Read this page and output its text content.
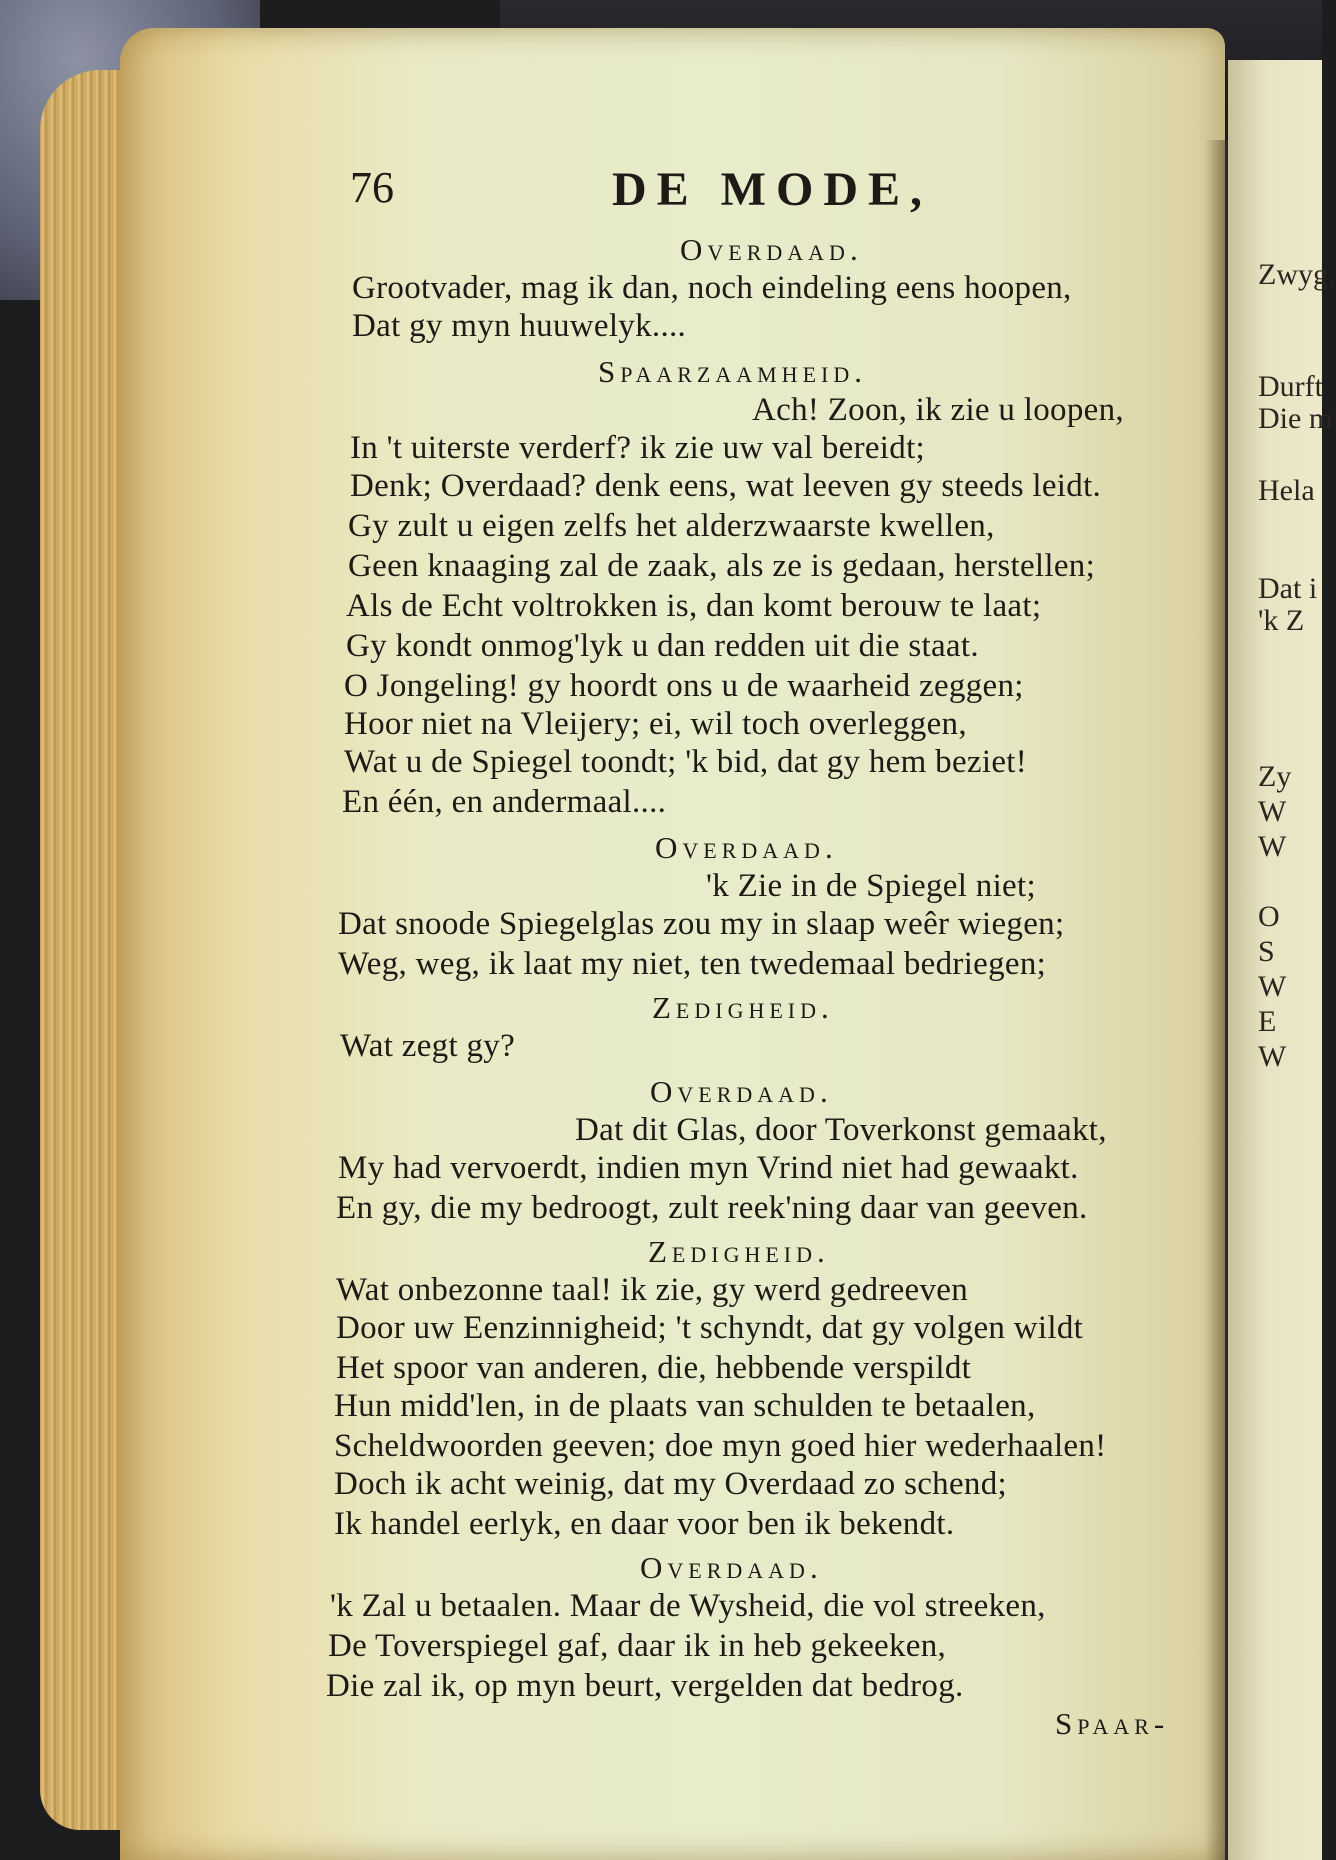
Zwyg,
Durft
Die m
Hela
Dat i
'k Z
Zy
W
W
O
S
W
E
W
76	DE MODE,
Overdaad.
Grootvader, mag ik dan, noch eindeling eens hoopen,
Dat gy myn huuwelyk....
Spaarzaamheid.
Ach! Zoon, ik zie u loopen,
In 't uiterste verderf? ik zie uw val bereidt;
Denk; Overdaad? denk eens, wat leeven gy steeds leidt.
Gy zult u eigen zelfs het alderzwaarste kwellen,
Geen knaaging zal de zaak, als ze is gedaan, herstellen;
Als de Echt voltrokken is, dan komt berouw te laat;
Gy kondt onmog'lyk u dan redden uit die staat.
O Jongeling! gy hoordt ons u de waarheid zeggen;
Hoor niet na Vleijery; ei, wil toch overleggen,
Wat u de Spiegel toondt; 'k bid, dat gy hem beziet!
En één, en andermaal....
Overdaad.
'k Zie in de Spiegel niet;
Dat snoode Spiegelglas zou my in slaap weêr wiegen;
Weg, weg, ik laat my niet, ten twedemaal bedriegen;
Zedigheid.
Wat zegt gy?
Overdaad.
Dat dit Glas, door Toverkonst gemaakt,
My had vervoerdt, indien myn Vrind niet had gewaakt.
En gy, die my bedroogt, zult reek'ning daar van geeven.
Zedigheid.
Wat onbezonne taal! ik zie, gy werd gedreeven
Door uw Eenzinnigheid; 't schyndt, dat gy volgen wildt
Het spoor van anderen, die, hebbende verspildt
Hun midd'len, in de plaats van schulden te betaalen,
Scheldwoorden geeven; doe myn goed hier wederhaalen!
Doch ik acht weinig, dat my Overdaad zo schend;
Ik handel eerlyk, en daar voor ben ik bekendt.
Overdaad.
'k Zal u betaalen. Maar de Wysheid, die vol streeken,
De Toverspiegel gaf, daar ik in heb gekeeken,
Die zal ik, op myn beurt, vergelden dat bedrog.
Spaar-
